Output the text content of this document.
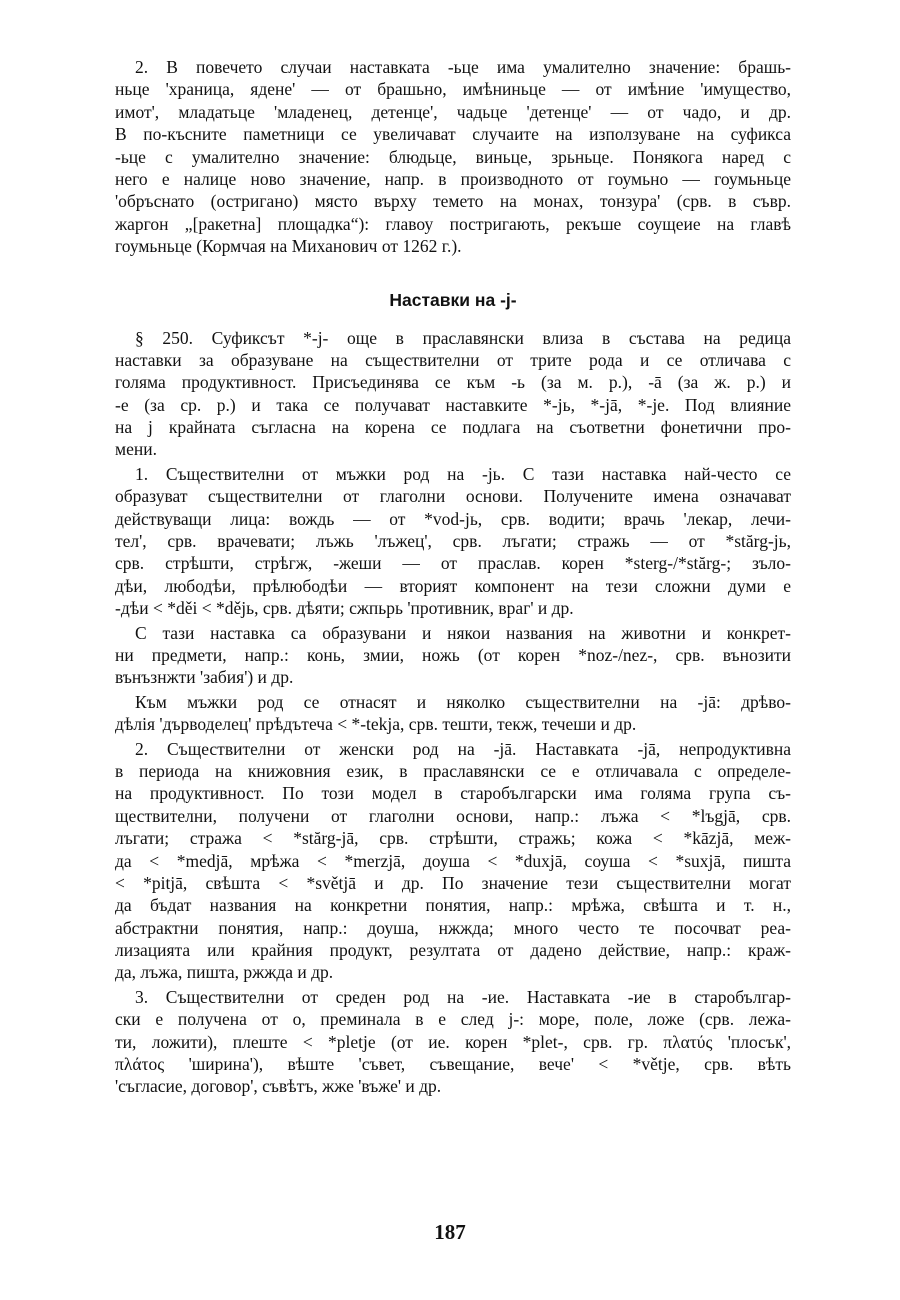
2. В повечето случаи наставката -ьце има умалително значение: брашь-
ньце 'храница, ядене' — от брашьно, имѣниньце — от имѣние 'имущество,
имот', младатьце 'младенец, детенце', чадьце 'детенце' — от чадо, и др.
В по-късните паметници се увеличават случаите на използуване на суфикса
-ьце с умалително значение: блюдьце, виньце, зрьньце. Понякога наред с
него е налице ново значение, напр. в производното от гоумьно — гоумьньце
'обръснато (остригано) място върху темето на монах, тонзура' (срв. в съвр.
жаргон „[ракетна] площадка“): главоу постригають, рекъше соущеие на главѣ
гоумьньце (Кормчая на Миханович от 1262 г.).
Наставки на -j-
§ 250. Суфиксът *-j- още в праславянски влиза в състава на редица
наставки за образуване на съществителни от трите рода и се отличава с
голяма продуктивност. Присъединява се към -ь (за м. р.), -ā (за ж. р.) и
-е (за ср. р.) и така се получават наставките *-jь, *-jā, *-je. Под влияние
на j крайната съгласна на корена се подлага на съответни фонетични про-
мени.
1. Съществителни от мъжки род на -jь. С тази наставка най-често се
образуват съществителни от глаголни основи. Получените имена означават
действуващи лица: вождь — от *vod-jь, срв. водити; врачь 'лекар, лечи-
тел', срв. врачевати; лъжь 'лъжец', срв. лъгати; стражь — от *stărg-jь,
срв. стрѣшти, стрѣгж, -жеши — от праслав. корен *sterg-/*stărg-; зъло-
дѣи, любодѣи, прѣлюбодѣи — вторият компонент на тези сложни думи е
-дѣи < *děi < *dějь, срв. дѣяти; сжпьрь 'противник, враг' и др.
С тази наставка са образувани и някои названия на животни и конкрет-
ни предмети, напр.: конь, змии, ножь (от корен *noz-/nez-, срв. вънозити
вънъзнжти 'забия') и др.
Към мъжки род се отнасят и няколко съществителни на -jā: дрѣво-
дѣлія 'дърводелец' прѣдътеча < *-tekja, срв. тешти, текж, течеши и др.
2. Съществителни от женски род на -jā. Наставката -jā, непродуктивна
в периода на книжовния език, в праславянски се е отличавала с определе-
на продуктивност. По този модел в старобългарски има голяма група съ-
ществителни, получени от глаголни основи, напр.: лъжа < *lъgjā, срв.
лъгати; стража < *stărg-jā, срв. стрѣшти, стражь; кожа < *kāzjā, меж-
да < *medjā, мрѣжа < *merzjā, доуша < *duxjā, соуша < *suxjā, пишта
< *pitjā, свѣшта < *světjā и др. По значение тези съществителни могат
да бъдат названия на конкретни понятия, напр.: мрѣжа, свѣшта и т. н.,
абстрактни понятия, напр.: доуша, нжжда; много често те посочват реа-
лизацията или крайния продукт, резултата от дадено действие, напр.: краж-
да, лъжа, пишта, ржжда и др.
3. Съществителни от среден род на -ие. Наставката -ие в старобългар-
ски е получена от о, преминала в е след j-: море, поле, ложе (срв. лежа-
ти, ложити), плеште < *pletje (от ие. корен *plet-, срв. гр. πλατύς 'плосък',
πλάτος 'ширина'), вѣште 'съвет, съвещание, вече' < *větje, срв. вѣть
'съгласие, договор', съвѣтъ, жже 'въже' и др.
187
